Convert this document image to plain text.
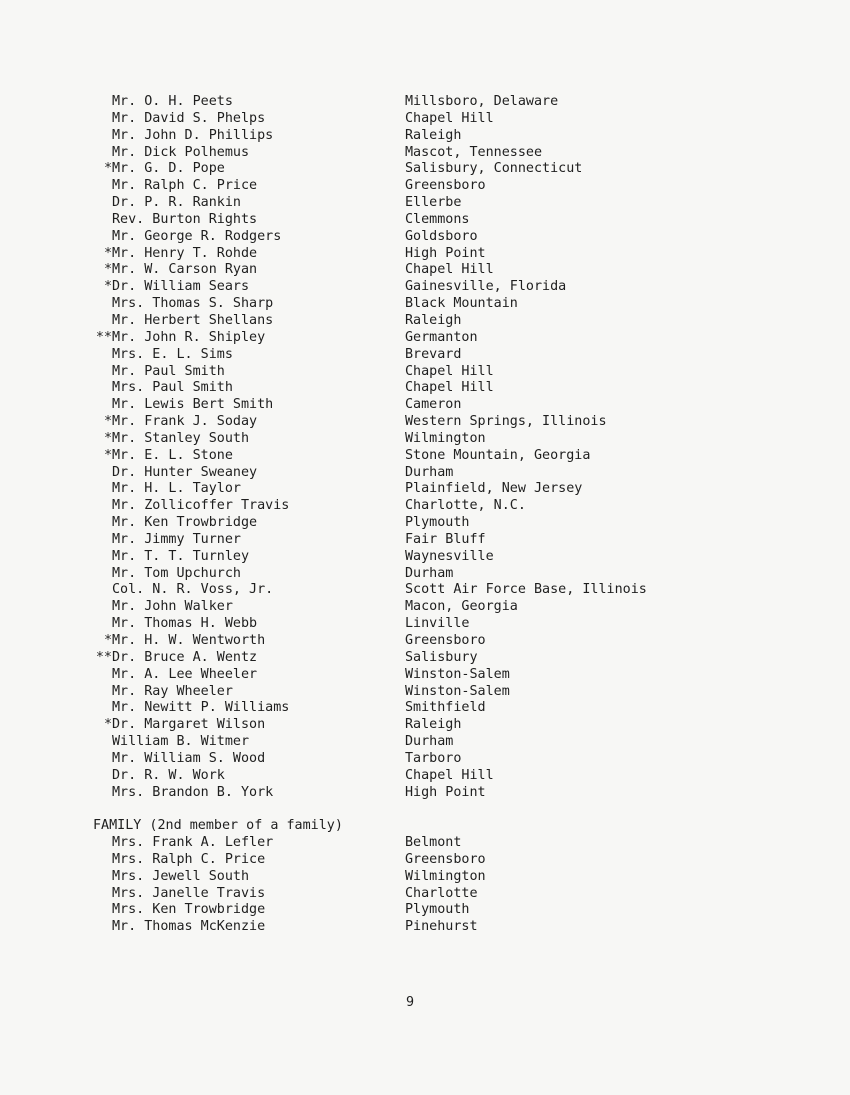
Mr. O. H. Peets	Millsboro, Delaware
Mr. David S. Phelps	Chapel Hill
Mr. John D. Phillips	Raleigh
Mr. Dick Polhemus	Mascot, Tennessee
* Mr. G. D. Pope	Salisbury, Connecticut
Mr. Ralph C. Price	Greensboro
Dr. P. R. Rankin	Ellerbe
Rev. Burton Rights	Clemmons
Mr. George R. Rodgers	Goldsboro
* Mr. Henry T. Rohde	High Point
* Mr. W. Carson Ryan	Chapel Hill
* Dr. William Sears	Gainesville, Florida
Mrs. Thomas S. Sharp	Black Mountain
Mr. Herbert Shellans	Raleigh
** Mr. John R. Shipley	Germanton
Mrs. E. L. Sims	Brevard
Mr. Paul Smith	Chapel Hill
Mrs. Paul Smith	Chapel Hill
Mr. Lewis Bert Smith	Cameron
* Mr. Frank J. Soday	Western Springs, Illinois
* Mr. Stanley South	Wilmington
* Mr. E. L. Stone	Stone Mountain, Georgia
Dr. Hunter Sweaney	Durham
Mr. H. L. Taylor	Plainfield, New Jersey
Mr. Zollicoffer Travis	Charlotte, N.C.
Mr. Ken Trowbridge	Plymouth
Mr. Jimmy Turner	Fair Bluff
Mr. T. T. Turnley	Waynesville
Mr. Tom Upchurch	Durham
Col. N. R. Voss, Jr.	Scott Air Force Base, Illinois
Mr. John Walker	Macon, Georgia
Mr. Thomas H. Webb	Linville
* Mr. H. W. Wentworth	Greensboro
** Dr. Bruce A. Wentz	Salisbury
Mr. A. Lee Wheeler	Winston-Salem
Mr. Ray Wheeler	Winston-Salem
Mr. Newitt P. Williams	Smithfield
* Dr. Margaret Wilson	Raleigh
William B. Witmer	Durham
Mr. William S. Wood	Tarboro
Dr. R. W. Work	Chapel Hill
Mrs. Brandon B. York	High Point
FAMILY (2nd member of a family)
Mrs. Frank A. Lefler	Belmont
Mrs. Ralph C. Price	Greensboro
Mrs. Jewell South	Wilmington
Mrs. Janelle Travis	Charlotte
Mrs. Ken Trowbridge	Plymouth
Mr. Thomas McKenzie	Pinehurst
9
